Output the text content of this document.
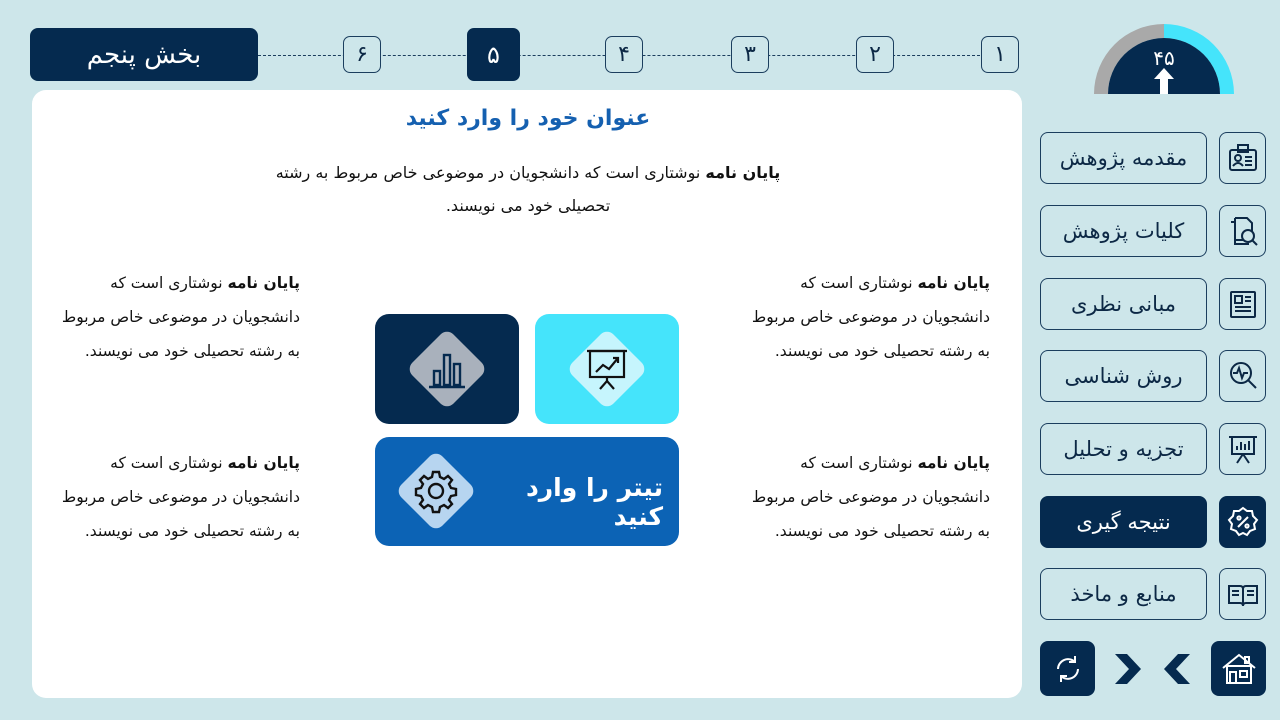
بخش پنجم	۶	۵	۴	۳	۲	۱	۴۵
عنوان خود را وارد کنید
پایان نامه نوشتاری است که دانشجویان در موضوعی خاص مربوط به رشته تحصیلی خود می نویسند.
پایان نامه نوشتاری است که دانشجویان در موضوعی خاص مربوط به رشته تحصیلی خود می نویسند.
پایان نامه نوشتاری است که دانشجویان در موضوعی خاص مربوط به رشته تحصیلی خود می نویسند.
پایان نامه نوشتاری است که دانشجویان در موضوعی خاص مربوط به رشته تحصیلی خود می نویسند.
پایان نامه نوشتاری است که دانشجویان در موضوعی خاص مربوط به رشته تحصیلی خود می نویسند.
تیتر را وارد کنید
مقدمه پژوهش
کلیات پژوهش
مبانی نظری
روش شناسی
تجزیه و تحلیل
نتیجه گیری
منابع و ماخذ
